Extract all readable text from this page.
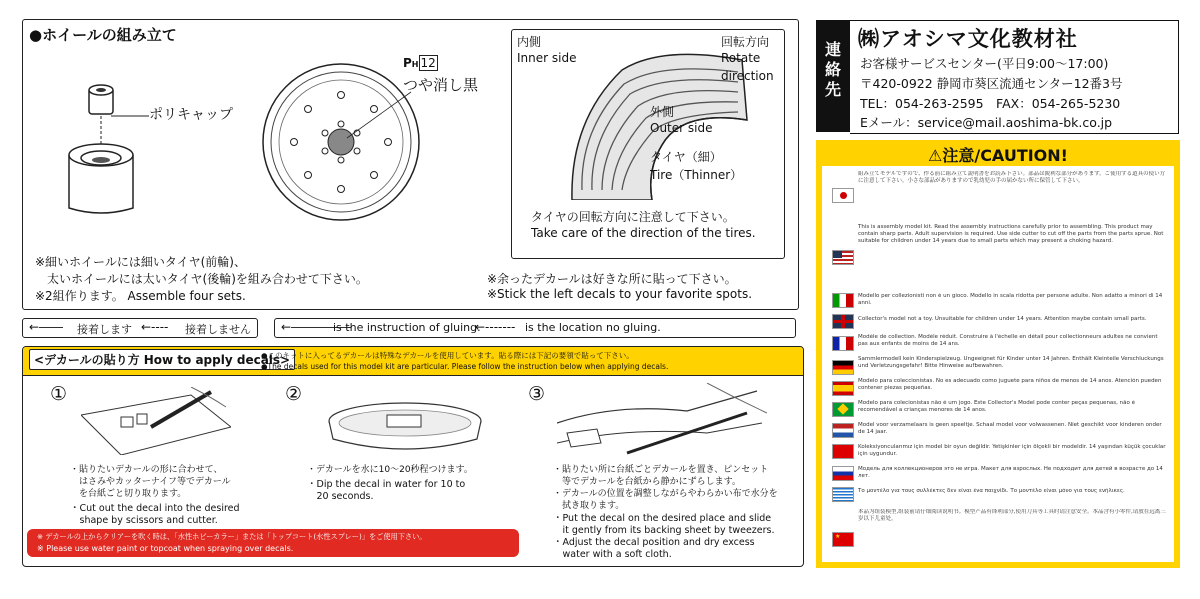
●ホイールの組み立て
ポリキャップ
PH 12
つや消し黒
内側
Inner side
回転方向
Rotate
direction
外側
Outer side
タイヤ（細）
Tire（Thinner）
タイヤの回転方向に注意して下さい。
Take care of the direction of the tires.
※細いホイールには細いタイヤ(前輪)、
　太いホイールには太いタイヤ(後輪)を組み合わせて下さい。
※2組作ります。 Assemble four sets.
※余ったデカールは好きな所に貼って下さい。
※Stick the left decals to your favorite spots.
←―― 接着します ←---- 接着しません	←―――――
is the instruction of gluing.
←------- is the location no gluing.
<デカールの貼り方 How to apply decals>
●このキットに入ってるデカールは特殊なデカールを使用しています。貼る際には下記の要領で貼って下さい。
●The decals used for this model kit are particular. Please follow the instruction below when applying decals.
①
・貼りたいデカールの形に合わせて、
　はさみやカッターナイフ等でデカール
　を台紙ごと切り取ります。
・Cut out the decal into the desired
　shape by scissors and cutter.
②
・デカールを水に10～20秒程つけます。
・Dip the decal in water for 10 to
　20 seconds.
③
・貼りたい所に台紙ごとデカールを置き、ピンセット
　等でデカールを台紙から静かにずらします。
・デカールの位置を調整しながらやわらかい布で水分を
　拭き取ります。
・Put the decal on the desired place and slide
　it gently from its backing sheet by tweezers.
・Adjust the decal position and dry excess
　water with a soft cloth.
※ デカールの上からクリアーを吹く時は、「水性ホビーカラー」または「トップコート(水性スプレー)」をご使用下さい。
※ Please use water paint or topcoat when spraying over decals.
連絡先
㈱アオシマ文化教材社
お客様サービスセンター(平日9:00～17:00)
〒420-0922 静岡市葵区流通センター12番3号
TEL：054-263-2595　FAX：054-265-5230
Eメール：service@mail.aoshima-bk.co.jp
⚠注意/CAUTION!
組み立てモデルですので、作る前に組み立て説明書をお読み下さい。部品は鋭利な部分があります。ご使用する道具の使い方に注意して下さい。小さな部品がありますので乳幼児の手の届かない所に保管して下さい。
This is assembly model kit. Read the assembly instructions carefully prior to assembling. This product may contain sharp parts. Adult supervision is required. Use side cutter to cut off the parts from the parts sprue. Not suitable for children under 14 years due to small parts which may present a choking hazard.
Modello per collezionisti non è un gioco. Modello in scala ridotta per persone adulte. Non adatto a minori di 14 anni.
Collector's model not a toy. Unsuitable for children under 14 years. Attention maybe contain small parts.
Modèle de collection. Modèle réduit. Construire à l'échelle en détail pour collectionneurs adultes ne convient pas aux enfants de moins de 14 ans.
Sammlermodell kein Kinderspielzeug. Ungeeignet für Kinder unter 14 Jahren. Enthält Kleinteile Verschluckungs und Verletzungsgefahr! Bitte Hinweise aufbewahren.
Modelo para coleccionistas. No es adecuado como juguete para niños de menos de 14 anos. Atención pueden contener piezas pequeñas.
Modelo para colecionistas não é um jogo. Este Collector's Model pode conter peças pequenas, não é recomendável a crianças menores de 14 anos.
Model voor verzamelaars is geen speeltje. Schaal model voor volwassenen. Niet geschikt voor kinderen onder de 14 jaar.
Koleksiyoncularımız için model bir oyun değildir. Yetişkinler için ölçekli bir modeldir. 14 yaşından küçük çocuklar için uygundur.
Модель для коллекционеров это не игра. Макет для взрослых. Не подходит для детей в возрасте до 14 лет.
Το μοντέλο για τους συλλέκτες δεν είναι ένα παιχνίδι. Το μοντέλο είναι μόνο για τους ενήλικες.
★
本品为组装模型,组装前请仔细阅读说明书。模型产品有锋利部分,使用刀具等工具时请注意安全。本品含有小零件,请放在远离三岁以下儿童处。
